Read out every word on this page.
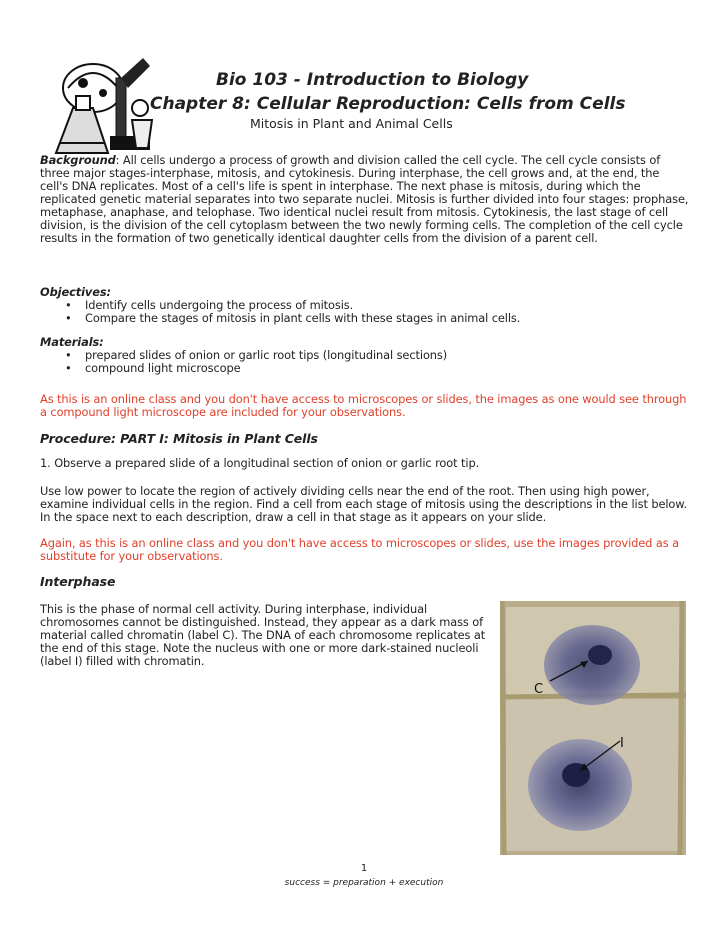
Bio 103 - Introduction to Biology
Chapter 8: Cellular Reproduction: Cells from Cells
Mitosis in Plant and Animal Cells
Background: All cells undergo a process of growth and division called the cell cycle. The cell cycle consists of three major stages-interphase, mitosis, and cytokinesis. During interphase, the cell grows and, at the end, the cell's DNA replicates. Most of a cell's life is spent in interphase. The next phase is mitosis, during which the replicated genetic material separates into two separate nuclei. Mitosis is further divided into four stages: prophase, metaphase, anaphase, and telophase. Two identical nuclei result from mitosis. Cytokinesis, the last stage of cell division, is the division of the cell cytoplasm between the two newly forming cells. The completion of the cell cycle results in the formation of two genetically identical daughter cells from the division of a parent cell.
Objectives:
• Identify cells undergoing the process of mitosis.
• Compare the stages of mitosis in plant cells with these stages in animal cells.
Materials:
• prepared slides of onion or garlic root tips (longitudinal sections)
• compound light microscope
As this is an online class and you don't have access to microscopes or slides, the images as one would see through a compound light microscope are included for your observations.
Procedure: PART I: Mitosis in Plant Cells
1. Observe a prepared slide of a longitudinal section of onion or garlic root tip.
Use low power to locate the region of actively dividing cells near the end of the root. Then using high power, examine individual cells in the region. Find a cell from each stage of mitosis using the descriptions in the list below. In the space next to each description, draw a cell in that stage as it appears on your slide.
Again, as this is an online class and you don't have access to microscopes or slides, use the images provided as a substitute for your observations.
Interphase
This is the phase of normal cell activity. During interphase, individual chromosomes cannot be distinguished. Instead, they appear as a dark mass of material called chromatin (label C). The DNA of each chromosome replicates at the end of this stage. Note the nucleus with one or more dark-stained nucleoli (label I) filled with chromatin.
C
I
1
success = preparation + execution
